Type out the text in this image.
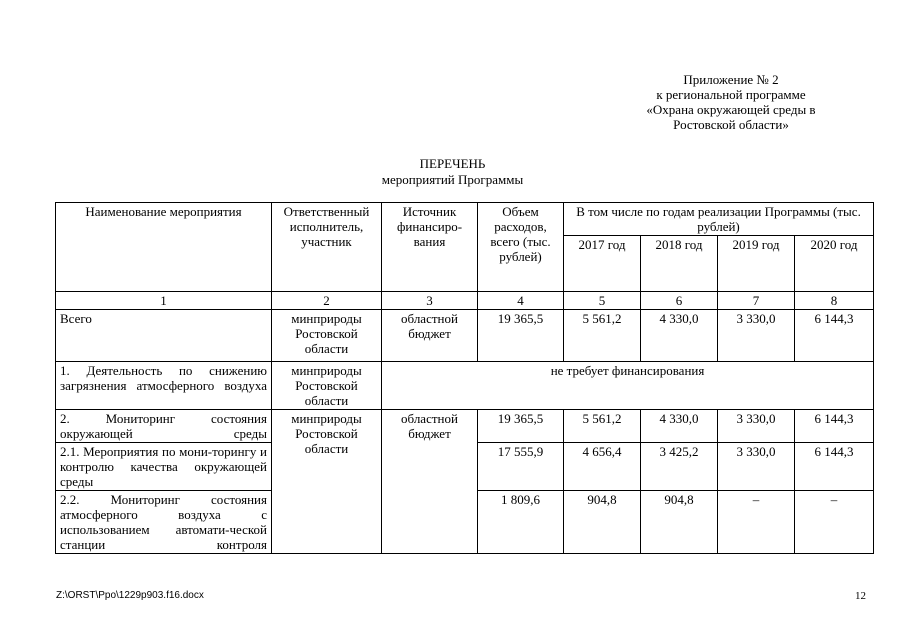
Приложение № 2
к региональной программе
«Охрана окружающей среды в
Ростовской области»
ПЕРЕЧЕНЬ
мероприятий Программы
Наименование мероприятия	Ответственный исполнитель, участник	Источник финансиро-вания	Объем расходов, всего (тыс. рублей)	В том числе по годам реализации Программы (тыс. рублей)			
				2017 год	2018 год	2019 год	2020 год
1	2	3	4	5	6	7	8
Всего	минприроды Ростовской области	областной бюджет	19 365,5	5 561,2	4 330,0	3 330,0	6 144,3
1. Деятельность по снижению загрязнения атмосферного воздуха	минприроды Ростовской области	не требует финансирования					
2. Мониторинг состояния окружающей среды	минприроды Ростовской области	областной бюджет	19 365,5	5 561,2	4 330,0	3 330,0	6 144,3
2.1. Мероприятия по мони-торингу и контролю качества окружающей среды			17 555,9	4 656,4	3 425,2	3 330,0	6 144,3
2.2. Мониторинг состояния атмосферного воздуха с использованием автомати-ческой станции контроля			1 809,6	904,8	904,8	–	–
Z:\ORST\Ppo\1229p903.f16.docx	12
